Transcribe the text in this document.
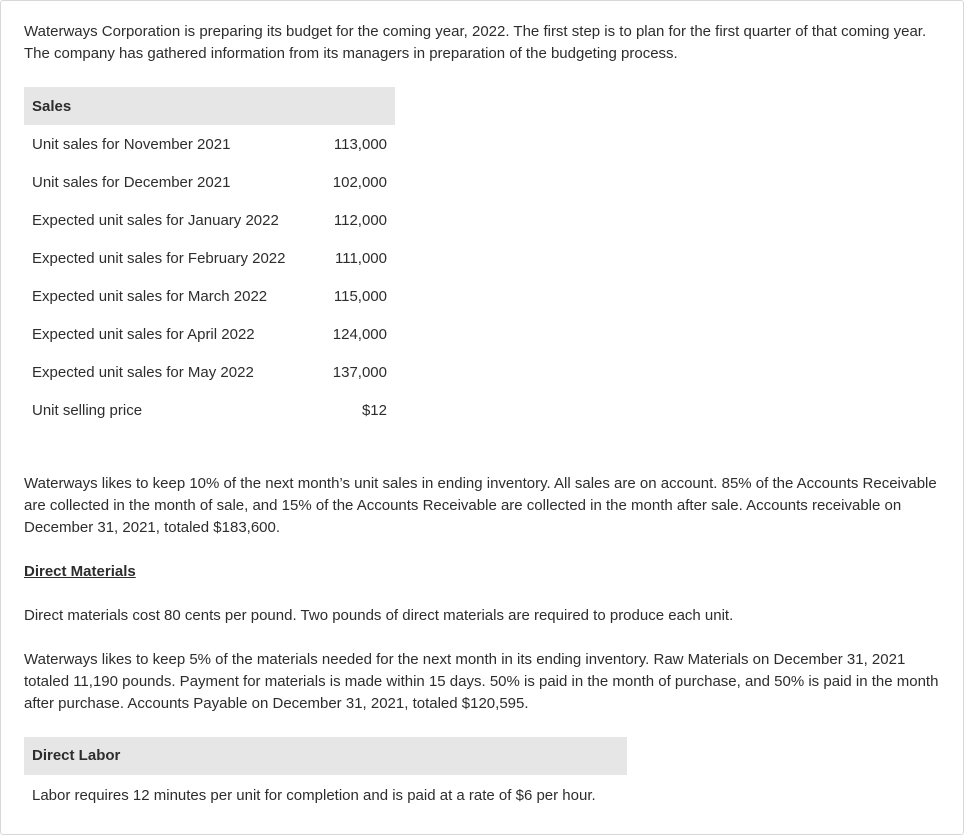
Waterways Corporation is preparing its budget for the coming year, 2022. The first step is to plan for the first quarter of that coming year. The company has gathered information from its managers in preparation of the budgeting process.

Sales	
Unit sales for November 2021	113,000
Unit sales for December 2021	102,000
Expected unit sales for January 2022	112,000
Expected unit sales for February 2022	111,000
Expected unit sales for March 2022	115,000
Expected unit sales for April 2022	124,000
Expected unit sales for May 2022	137,000
Unit selling price	$12

Waterways likes to keep 10% of the next month’s unit sales in ending inventory. All sales are on account. 85% of the Accounts Receivable are collected in the month of sale, and 15% of the Accounts Receivable are collected in the month after sale. Accounts receivable on December 31, 2021, totaled $183,600.

Direct Materials

Direct materials cost 80 cents per pound. Two pounds of direct materials are required to produce each unit.

Waterways likes to keep 5% of the materials needed for the next month in its ending inventory. Raw Materials on December 31, 2021 totaled 11,190 pounds. Payment for materials is made within 15 days. 50% is paid in the month of purchase, and 50% is paid in the month after purchase. Accounts Payable on December 31, 2021, totaled $120,595.

Direct Labor
Labor requires 12 minutes per unit for completion and is paid at a rate of $6 per hour.
